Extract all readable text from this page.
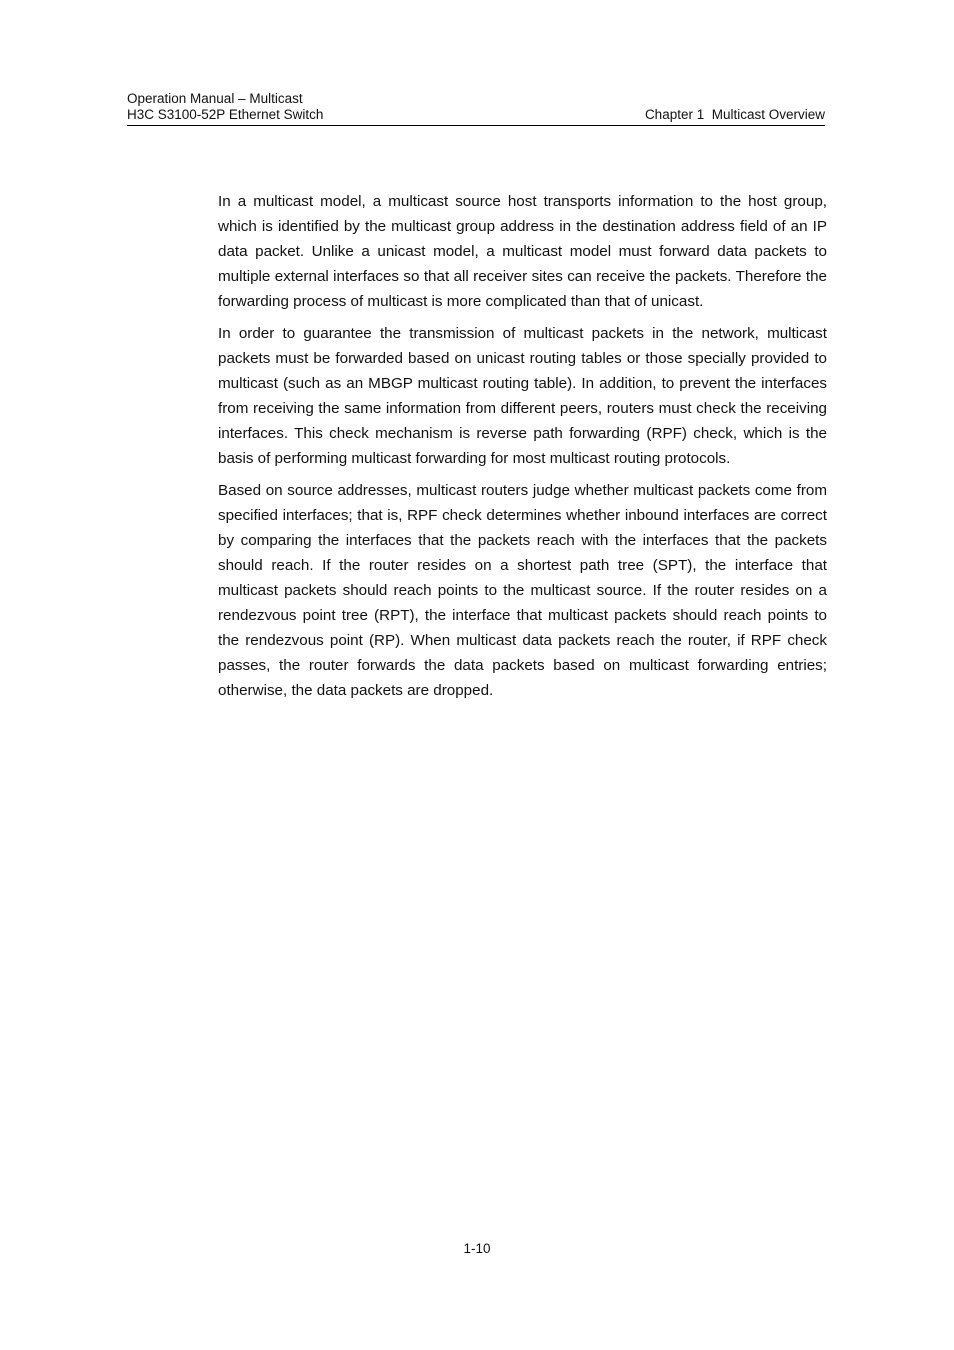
Operation Manual – Multicast
H3C S3100-52P Ethernet Switch	Chapter 1  Multicast Overview

In a multicast model, a multicast source host transports information to the host group, which is identified by the multicast group address in the destination address field of an IP data packet. Unlike a unicast model, a multicast model must forward data packets to multiple external interfaces so that all receiver sites can receive the packets. Therefore the forwarding process of multicast is more complicated than that of unicast.

In order to guarantee the transmission of multicast packets in the network, multicast packets must be forwarded based on unicast routing tables or those specially provided to multicast (such as an MBGP multicast routing table). In addition, to prevent the interfaces from receiving the same information from different peers, routers must check the receiving interfaces. This check mechanism is reverse path forwarding (RPF) check, which is the basis of performing multicast forwarding for most multicast routing protocols.

Based on source addresses, multicast routers judge whether multicast packets come from specified interfaces; that is, RPF check determines whether inbound interfaces are correct by comparing the interfaces that the packets reach with the interfaces that the packets should reach. If the router resides on a shortest path tree (SPT), the interface that multicast packets should reach points to the multicast source. If the router resides on a rendezvous point tree (RPT), the interface that multicast packets should reach points to the rendezvous point (RP). When multicast data packets reach the router, if RPF check passes, the router forwards the data packets based on multicast forwarding entries; otherwise, the data packets are dropped.

1-10
